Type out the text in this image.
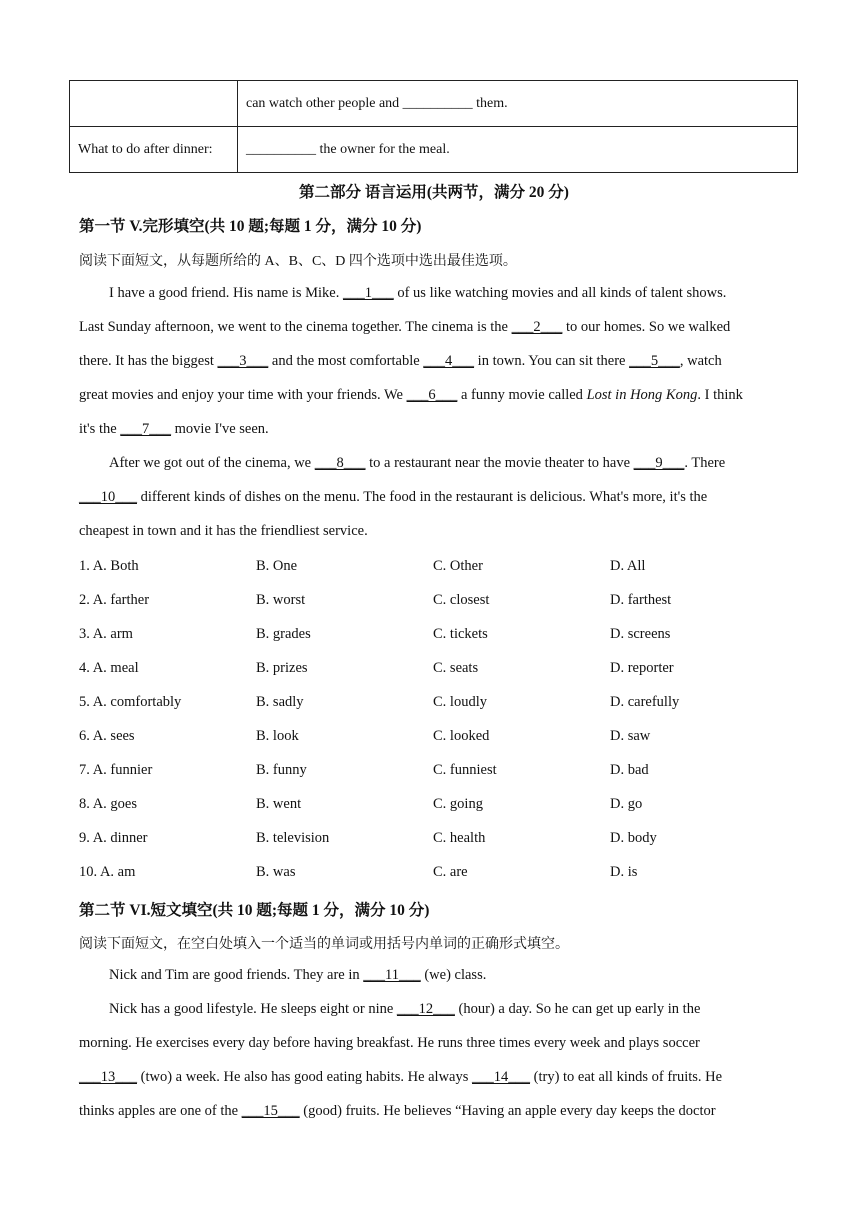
	can watch other people and __________ them.
What to do after dinner:	__________ the owner for the meal.
第二部分 语言运用(共两节，满分 20 分)
第一节 V.完形填空(共 10 题;每题 1 分，满分 10 分)
阅读下面短文，从每题所给的 A、B、C、D 四个选项中选出最佳选项。
I have a good friend. His name is Mike. ___1___ of us like watching movies and all kinds of talent shows.
Last Sunday afternoon, we went to the cinema together. The cinema is the ___2___ to our homes. So we walked
there. It has the biggest ___3___ and the most comfortable ___4___ in town. You can sit there ___5___, watch
great movies and enjoy your time with your friends. We ___6___ a funny movie called Lost in Hong Kong. I think
it's the ___7___ movie I've seen.
After we got out of the cinema, we ___8___ to a restaurant near the movie theater to have ___9___. There
___10___ different kinds of dishes on the menu. The food in the restaurant is delicious. What's more, it's the
cheapest in town and it has the friendliest service.
1. A. Both	B. One	C. Other	D. All
2. A. farther	B. worst	C. closest	D. farthest
3. A. arm	B. grades	C. tickets	D. screens
4. A. meal	B. prizes	C. seats	D. reporter
5. A. comfortably	B. sadly	C. loudly	D. carefully
6. A. sees	B. look	C. looked	D. saw
7. A. funnier	B. funny	C. funniest	D. bad
8. A. goes	B. went	C. going	D. go
9. A. dinner	B. television	C. health	D. body
10. A. am	B. was	C. are	D. is
第二节 VI.短文填空(共 10 题;每题 1 分，满分 10 分)
阅读下面短文，在空白处填入一个适当的单词或用括号内单词的正确形式填空。
Nick and Tim are good friends. They are in ___11___ (we) class.
Nick has a good lifestyle. He sleeps eight or nine ___12___ (hour) a day. So he can get up early in the
morning. He exercises every day before having breakfast. He runs three times every week and plays soccer
___13___ (two) a week. He also has good eating habits. He always ___14___ (try) to eat all kinds of fruits. He
thinks apples are one of the ___15___ (good) fruits. He believes “Having an apple every day keeps the doctor
